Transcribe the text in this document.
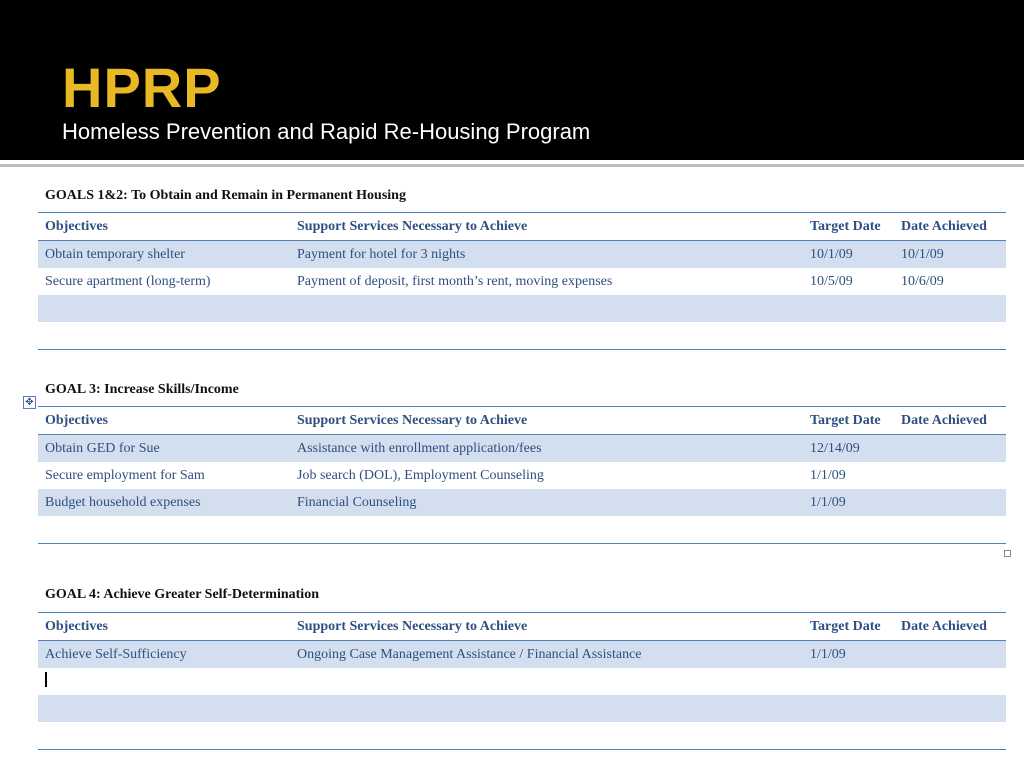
HPRP
Homeless Prevention and Rapid Re-Housing Program
GOALS 1&2: To Obtain and Remain in Permanent Housing
Objectives	Support Services Necessary to Achieve	Target Date	Date Achieved
Obtain temporary shelter	Payment for hotel for 3 nights	10/1/09	10/1/09
Secure apartment (long-term)	Payment of deposit, first month’s rent, moving expenses	10/5/09	10/6/09

✥
GOAL 3: Increase Skills/Income
Objectives	Support Services Necessary to Achieve	Target Date	Date Achieved
Obtain GED for Sue	Assistance with enrollment application/fees	12/14/09	
Secure employment for Sam	Job search (DOL), Employment Counseling	1/1/09	
Budget household expenses	Financial Counseling	1/1/09	

GOAL 4: Achieve Greater Self-Determination
Objectives	Support Services Necessary to Achieve	Target Date	Date Achieved
Achieve Self-Sufficiency	Ongoing Case Management Assistance / Financial Assistance	1/1/09	
